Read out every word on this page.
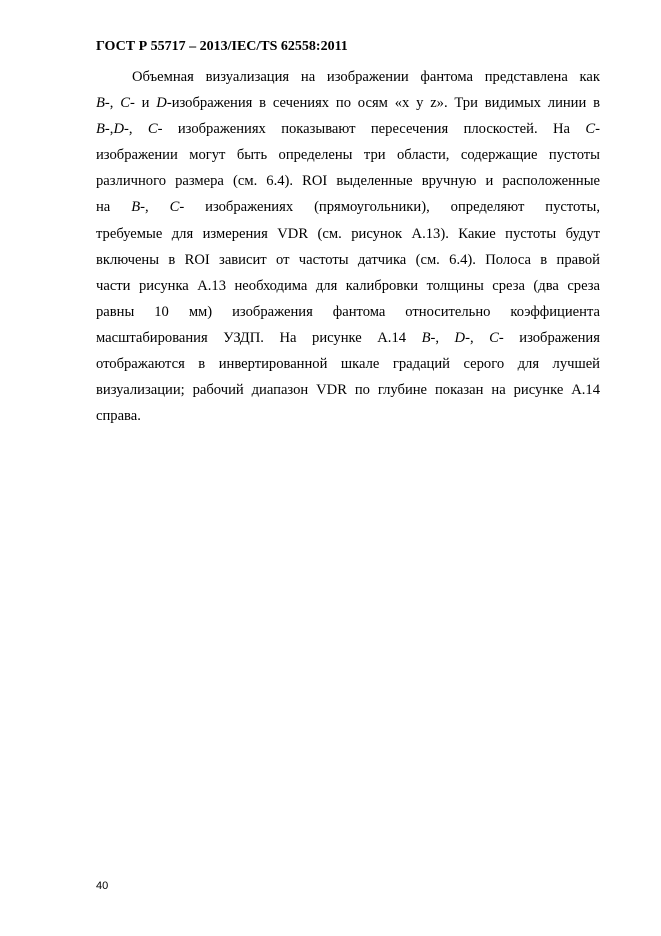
ГОСТ Р 55717 – 2013/IEC/TS 62558:2011
Объемная визуализация на изображении фантома представлена как
B-, C- и D-изображения в сечениях по осям «x y z». Три видимых линии в
B-,D-, C- изображениях показывают пересечения плоскостей. На C-
изображении могут быть определены три области, содержащие пустоты
различного размера (см. 6.4). ROI выделенные вручную и расположенные
на B-, C- изображениях (прямоугольники), определяют пустоты,
требуемые для измерения VDR (см. рисунок А.13). Какие пустоты будут
включены в ROI зависит от частоты датчика (см. 6.4). Полоса в правой
части рисунка А.13 необходима для калибровки толщины среза (два среза
равны 10 мм) изображения фантома относительно коэффициента
масштабирования УЗДП. На рисунке А.14 B-, D-, C- изображения
отображаются в инвертированной шкале градаций серого для лучшей
визуализации; рабочий диапазон VDR по глубине показан на рисунке А.14
справа.
40
